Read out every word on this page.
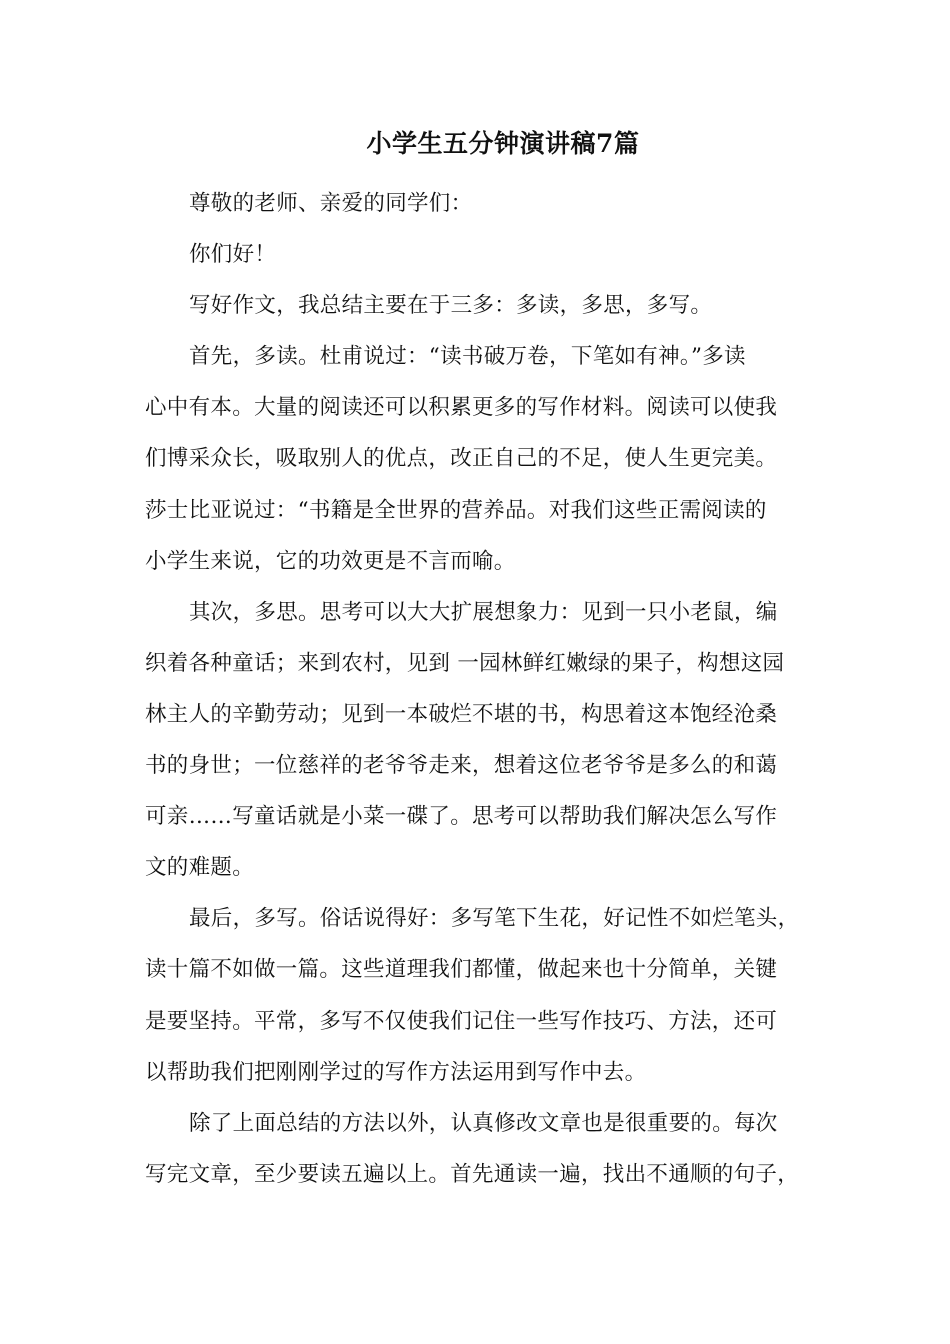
小学生五分钟演讲稿7篇
尊敬的老师、亲爱的同学们：
你们好！
写好作文，我总结主要在于三多：多读，多思，多写。
首先，多读。杜甫说过：“读书破万卷，下笔如有神。”多读
心中有本。大量的阅读还可以积累更多的写作材料。阅读可以使我
们博采众长，吸取别人的优点，改正自己的不足，使人生更完美。
莎士比亚说过：“书籍是全世界的营养品。对我们这些正需阅读的
小学生来说，它的功效更是不言而喻。
其次，多思。思考可以大大扩展想象力：见到一只小老鼠，编
织着各种童话；来到农村，见到 一园林鲜红嫩绿的果子，构想这园
林主人的辛勤劳动；见到一本破烂不堪的书，构思着这本饱经沧桑
书的身世；一位慈祥的老爷爷走来，想着这位老爷爷是多么的和蔼
可亲……写童话就是小菜一碟了。思考可以帮助我们解决怎么写作
文的难题。
最后，多写。俗话说得好：多写笔下生花，好记性不如烂笔头，
读十篇不如做一篇。这些道理我们都懂，做起来也十分简单，关键
是要坚持。平常，多写不仅使我们记住一些写作技巧、方法，还可
以帮助我们把刚刚学过的写作方法运用到写作中去。
除了上面总结的方法以外，认真修改文章也是很重要的。每次
写完文章，至少要读五遍以上。首先通读一遍，找出不通顺的句子，
